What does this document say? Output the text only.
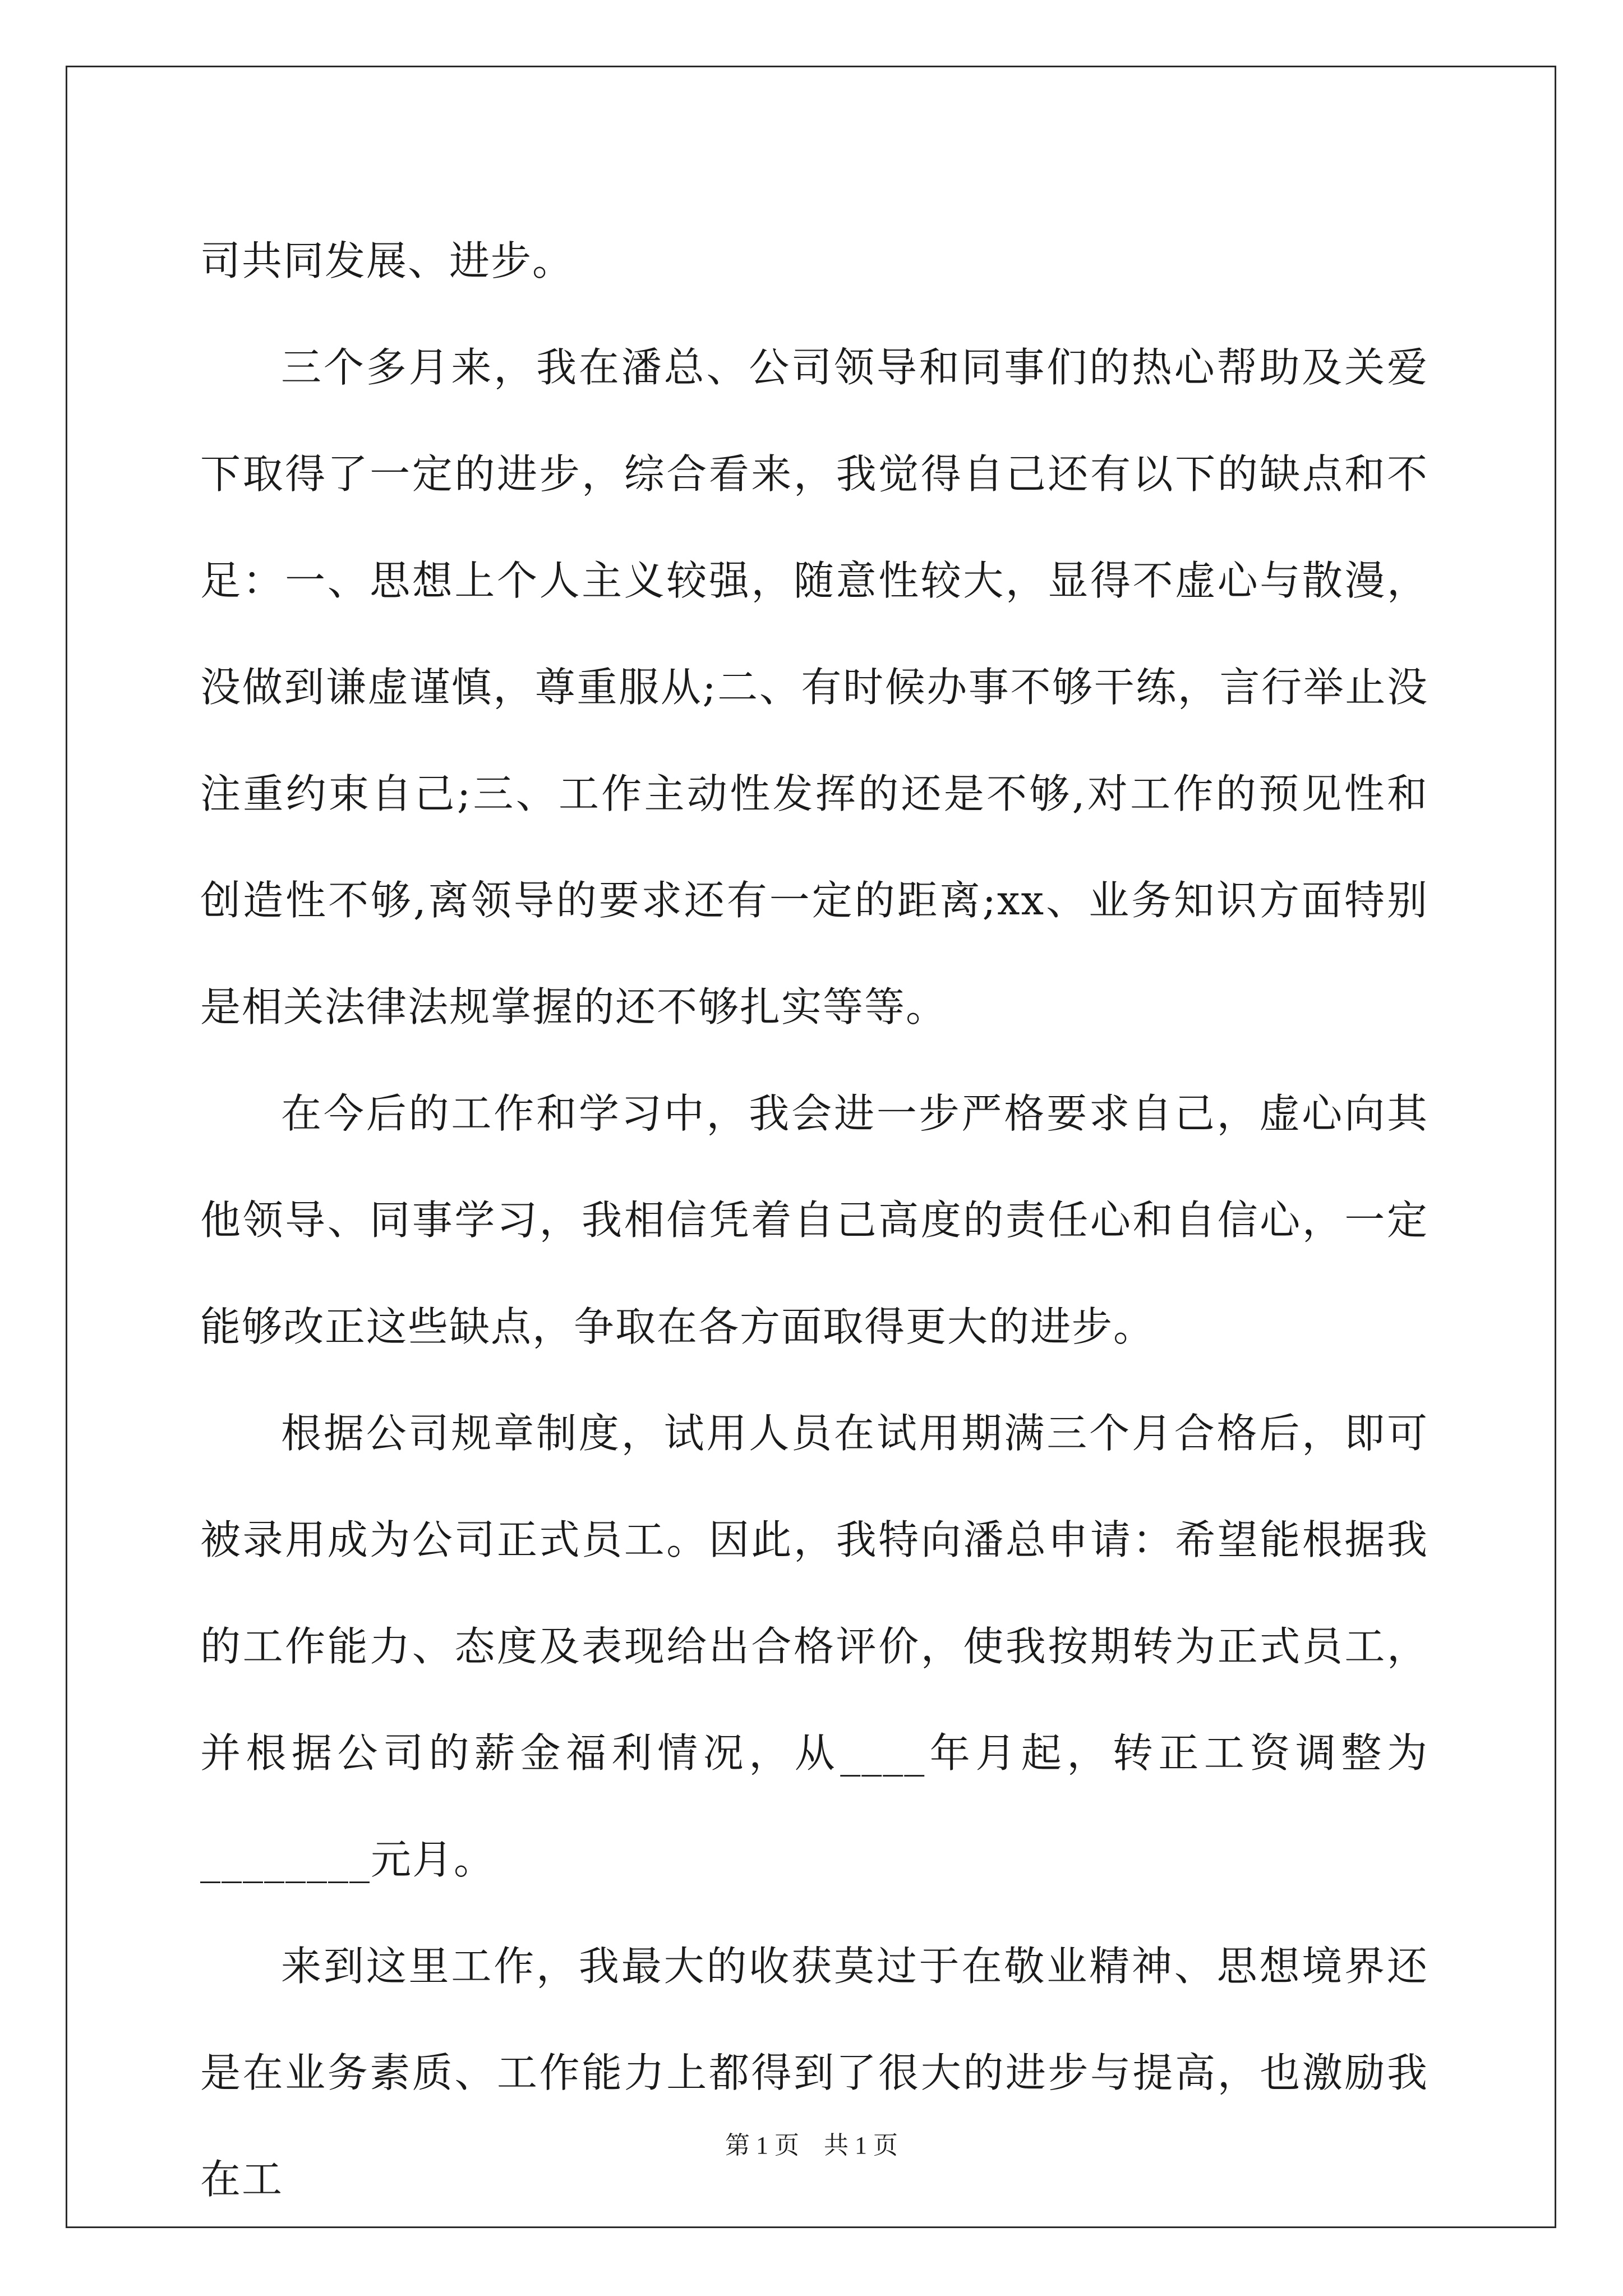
司共同发展、进步。

三个多月来，我在潘总、公司领导和同事们的热心帮助及关爱下取得了一定的进步，综合看来，我觉得自己还有以下的缺点和不足：一、思想上个人主义较强，随意性较大，显得不虚心与散漫，没做到谦虚谨慎，尊重服从;二、有时候办事不够干练，言行举止没注重约束自己;三、工作主动性发挥的还是不够,对工作的预见性和创造性不够,离领导的要求还有一定的距离;xx、业务知识方面特别是相关法律法规掌握的还不够扎实等等。

在今后的工作和学习中，我会进一步严格要求自己，虚心向其他领导、同事学习，我相信凭着自己高度的责任心和自信心，一定能够改正这些缺点，争取在各方面取得更大的进步。

根据公司规章制度，试用人员在试用期满三个月合格后，即可被录用成为公司正式员工。因此，我特向潘总申请：希望能根据我的工作能力、态度及表现给出合格评价，使我按期转为正式员工，并根据公司的薪金福利情况，从____年月起，转正工资调整为________元月。

来到这里工作，我最大的收获莫过于在敬业精神、思想境界还是在业务素质、工作能力上都得到了很大的进步与提高，也激励我在工

第 1 页　共 1 页
